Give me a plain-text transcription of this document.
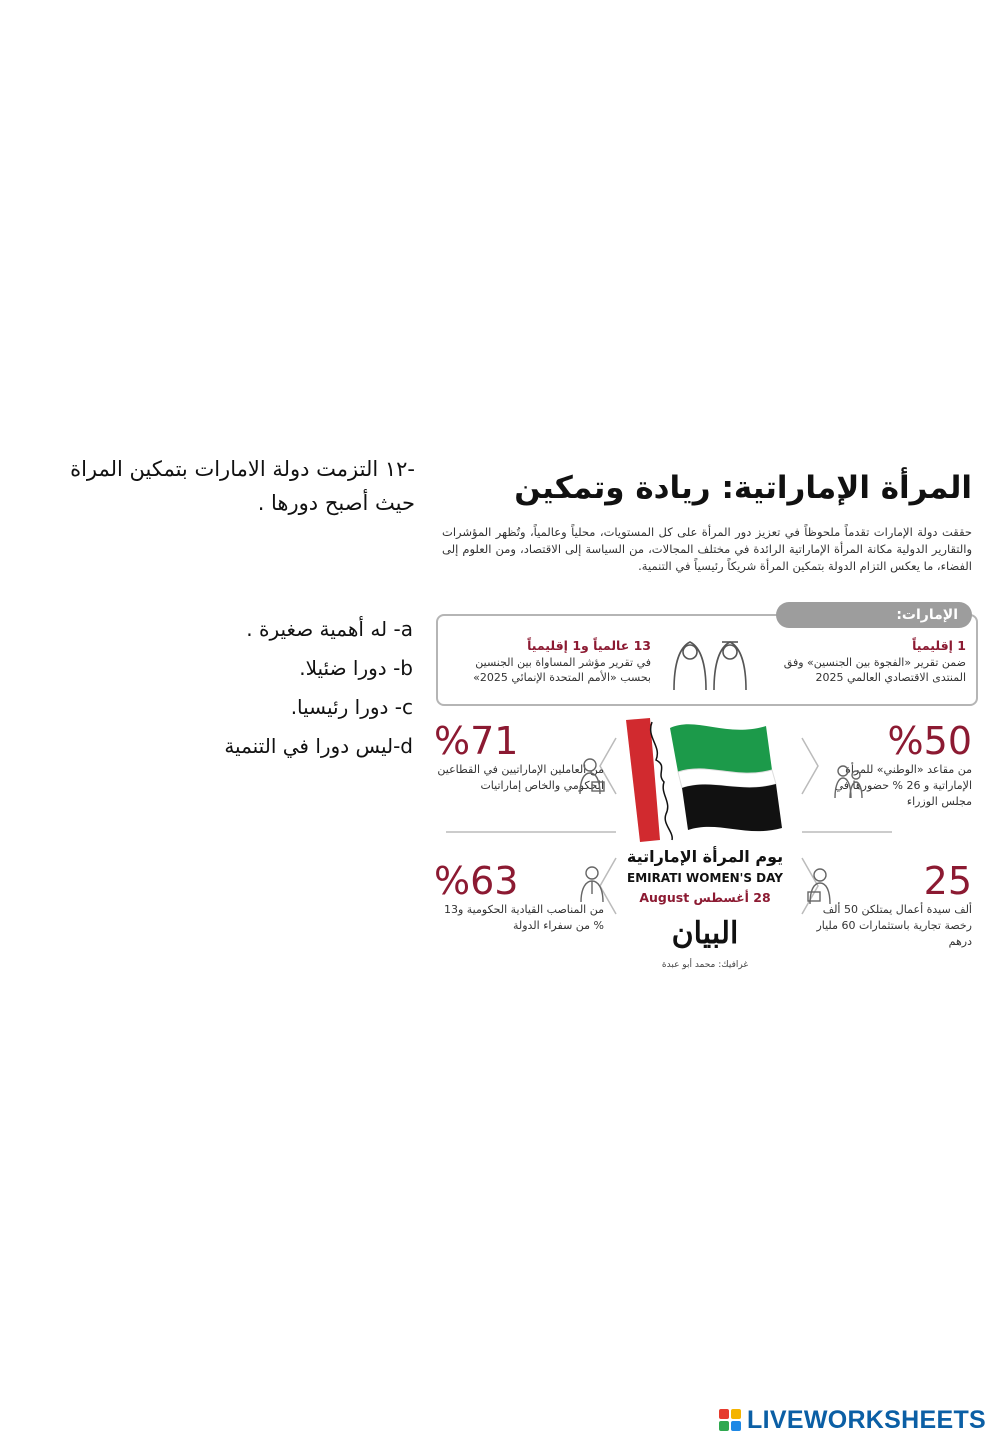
-١٢ التزمت دولة الامارات بتمكين المراة
حيث أصبح دورها .
a- له أهمية صغيرة .
b- دورا ضئيلا.
c- دورا رئيسيا.
d-ليس دورا في التنمية
المرأة الإماراتية: ريادة وتمكين
حققت دولة الإمارات تقدماً ملحوظاً في تعزيز دور المرأة على كل المستويات، محلياً وعالمياً، وتُظهر المؤشرات والتقارير الدولية مكانة المرأة الإماراتية الرائدة في مختلف المجالات، من السياسة إلى الاقتصاد، ومن العلوم إلى الفضاء، ما يعكس التزام الدولة بتمكين المرأة شريكاً رئيسياً في التنمية.
الإمارات:
1 إقليمياً
ضمن تقرير «الفجوة بين الجنسين» وفق المنتدى الاقتصادي العالمي 2025
13 عالمياً و1 إقليمياً
في تقرير مؤشر المساواة بين الجنسين بحسب «الأمم المتحدة الإنمائي 2025»
%50
من مقاعد «الوطني» للمرأة الإماراتية و 26 % حضورها في مجلس الوزراء
%71
من العاملين الإماراتيين في القطاعين الحكومي والخاص إماراتيات
25
ألف سيدة أعمال يمتلكن 50 ألف رخصة تجارية باستثمارات 60 مليار درهم
%63
من المناصب القيادية الحكومية و13 % من سفراء الدولة
يوم المرأة الإماراتية
EMIRATI WOMEN'S DAY
28 أغسطس August
البيان
غرافيك: محمد أبو عبدة
LIVEWORKSHEETS
